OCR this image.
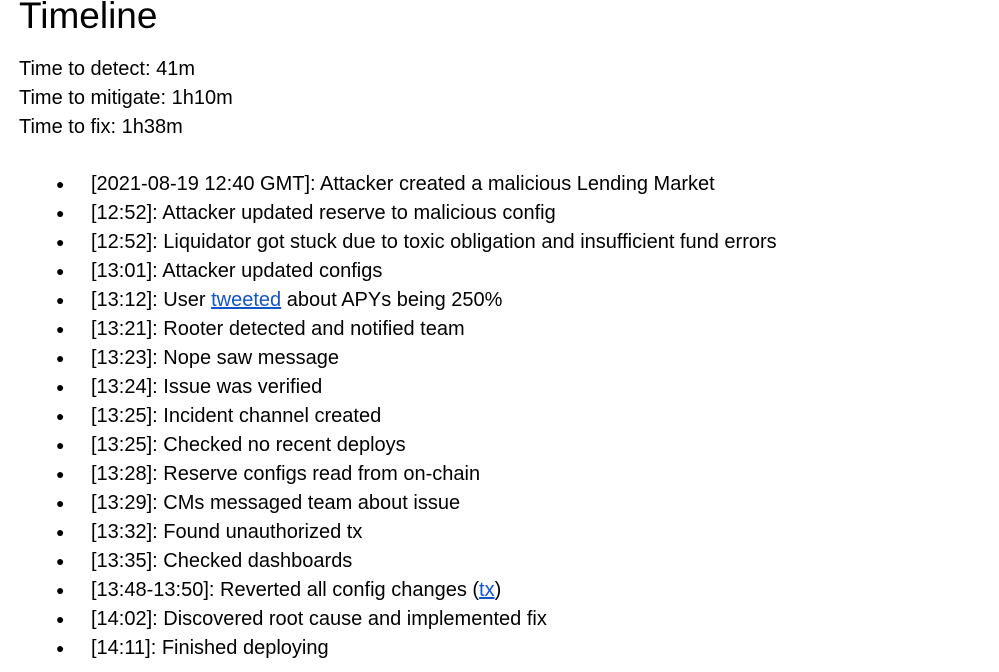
Timeline
Time to detect: 41m
Time to mitigate: 1h10m
Time to fix: 1h38m
● [2021-08-19 12:40 GMT]: Attacker created a malicious Lending Market
● [12:52]: Attacker updated reserve to malicious config
● [12:52]: Liquidator got stuck due to toxic obligation and insufficient fund errors
● [13:01]: Attacker updated configs
● [13:12]: User tweeted about APYs being 250%
● [13:21]: Rooter detected and notified team
● [13:23]: Nope saw message
● [13:24]: Issue was verified
● [13:25]: Incident channel created
● [13:25]: Checked no recent deploys
● [13:28]: Reserve configs read from on-chain
● [13:29]: CMs messaged team about issue
● [13:32]: Found unauthorized tx
● [13:35]: Checked dashboards
● [13:48-13:50]: Reverted all config changes (tx)
● [14:02]: Discovered root cause and implemented fix
● [14:11]: Finished deploying
